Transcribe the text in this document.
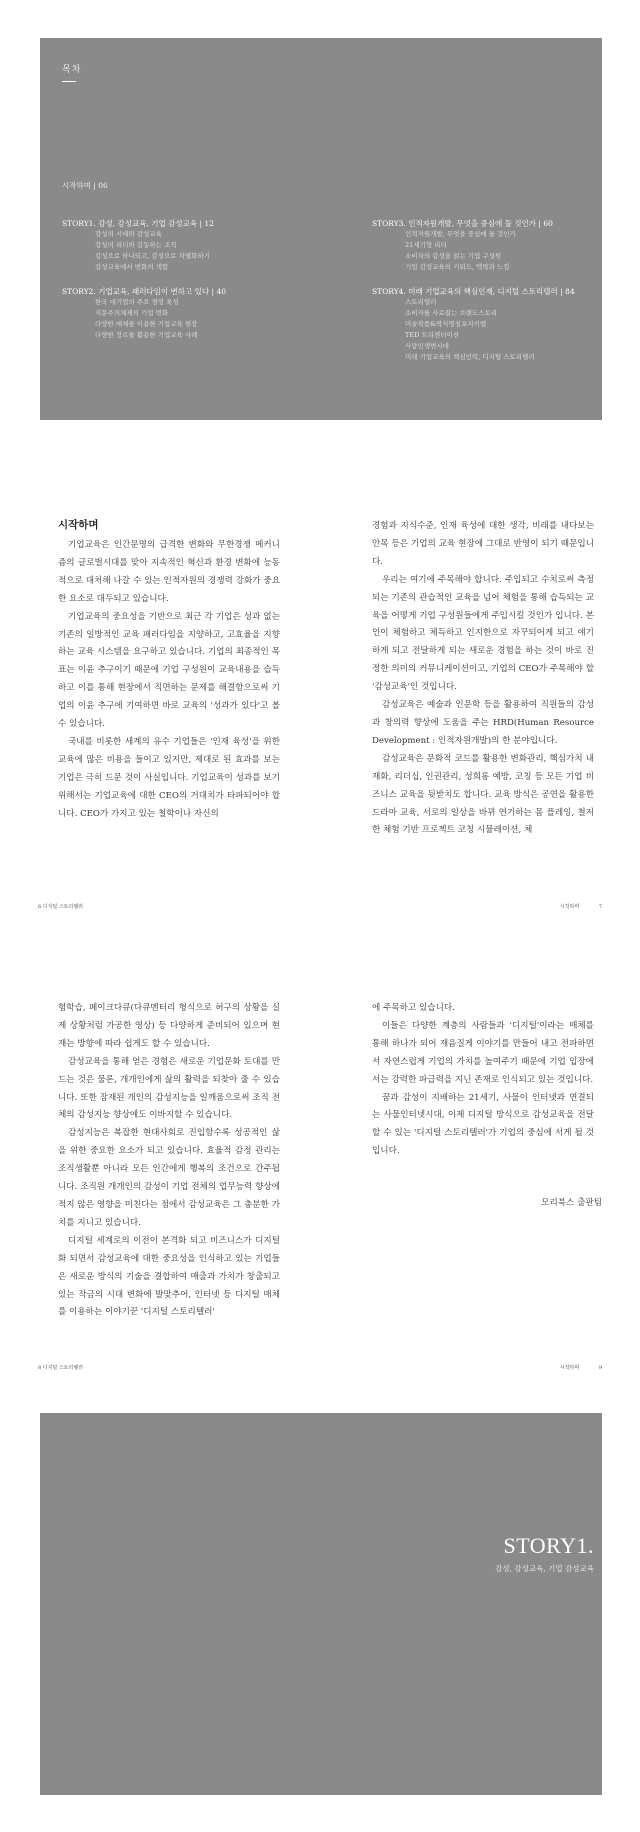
목차
시작하며 | 06
STORY1. 감성, 감성교육, 기업 감성교육 | 12
감성의 시대와 감성교육
감성의 리더와 감동하는 조직
감성으로 하나되고, 감성으로 차별화하기
감성교육에서 변화의 색깔
STORY2. 기업교육, 패러다임이 변하고 있다 | 40
한국 대기업의 주요 경영 육성
지문주의체제의 기업 변화
다양한 매체를 이용한 기업교육 현장
다양한 장르를 활용한 기업교육 사례
STORY3. 인적자원개발, 무엇을 중심에 둘 것인가 | 60
인적자원개발, 무엇을 중심에 둘 것인가
21세기형 리더
소비자의 감성을 읽는 기업 구성원
기업 감성교육의 키워드, 맥락과 느낌
STORY4. 미래 기업교육의 핵심인재, 디지털 스토리텔러 | 84
스토리텔러
소비자를 사로잡는 브랜드스토리
미술작품&박식명칭포지키텔
TED 트리젠터이션
사람인생변시대
미래 기업교육의 핵심인력, 디지털 스토리텔러
시작하며

기업교육은 인간문명의 급격한 변화와 무한경쟁 메커니즘의 글로벌시대를 맞아 지속적인 혁신과 환경 변화에 능동적으로 대처해 나갈 수 있는 인적자원의 경쟁력 강화가 중요한 요소로 대두되고 있습니다.

기업교육의 중요성을 기반으로 최근 각 기업은 성과 없는 기존의 일방적인 교육 패러다임을 지양하고, 고효율을 지향하는 교육 시스템을 요구하고 있습니다. 기업의 최종적인 목표는 이윤 추구이기 때문에 기업 구성원이 교육내용을 습득하고 이를 통해 현장에서 직면하는 문제를 해결함으로써 기업의 이윤 추구에 기여하면 바로 교육의 '성과가 있다'고 볼 수 있습니다.

국내를 비롯한 세계의 유수 기업들은 '인재 육성'을 위한 교육에 많은 비용을 들이고 있지만, 제대로 된 효과를 보는 기업은 극히 드문 것이 사실입니다. 기업교육이 성과를 보기 위해서는 기업교육에 대한 CEO의 거대치가 타파되어야 합니다. CEO가 가지고 있는 철학이나 자신의

경험과 지식수준, 인재 육성에 대한 생각, 비래를 내다보는 안목 등은 기업의 교육 현장에 그대로 반영이 되기 때문입니다.

우리는 여기에 주목해야 합니다. 주입되고 수치로써 측정되는 기존의 관습적인 교육을 넘어 체험을 통해 습득되는 교육을 어떻게 기업 구성원들에게 주입시킬 것인가 입니다. 본인이 체험하고 체득하고 인지한으로 자꾸되어게 되고 얘기하게 되고 전달하게 되는 새로운 경험을 하는 것이 바로 진정한 의미의 커뮤니케이션이고, 기업의 CEO가 주목해야 할 '감성교육'인 것입니다.

감성교육은 예술과 인문학 등을 활용하여 직원들의 감성과 창의력 향상에 도움을 주는 HRD(Human Resource Development : 인적자원개발)의 한 분야입니다.

감성교육은 문화적 코드를 활용한 변화관리, 핵심가치 내재화, 리더십, 인권관리, 성희롱 예방, 코칭 등 모든 기업 비즈니스 교육을 뒷받치도 합니다. 교육 방식은 공연을 활용한 드라마 교육, 서로의 일상을 바뀌 연기하는 몸 플레잉, 철저한 체험 기반 프로젝트 코칭 시뮬레이션, 체

6 디지털 스토리텔러	시작하며	7

험학습, 페이크다큐(다큐멘터리 형식으로 허구의 상황을 실제 상황처럼 가공한 영상) 등 다양하게 준비되어 있으며 현재는 방향에 따라 쉽게도 할 수 있습니다.

감성교육을 통해 얻은 경험은 새로운 기업문화 토대를 만드는 것은 물론, 개개인에게 삶의 활력을 되찾아 줄 수 있습니다. 또한 잠재된 개인의 감성지능을 일깨움으로써 조직 전체의 감성지능 향상에도 이바지할 수 있습니다.

감성지능은 복잡한 현대사회로 진입함수록 성공적인 삶을 위한 중요한 요소가 되고 있습니다. 효율적 감정 관리는 조직생활뿐 아니라 모든 인간에게 행복의 조건으로 간주됩니다. 조직원 개개인의 감성이 기업 전체의 업무능력 향상에 적지 않은 영향을 미친다는 점에서 감성교육은 그 충분한 가치를 지니고 있습니다.

디지털 세계로의 이전이 본격화 되고 비즈니스가 디지털화 되면서 감성교육에 대한 중요성을 인식하고 있는 기업들은 새로운 방식의 기술을 결합하여 매출과 가치가 창출되고 있는 작금의 시대 변화에 발맞추어, 인터넷 등 디지털 매체를 이용하는 이야기꾼 '디지털 스토리텔러'

에 주목하고 있습니다.

이들은 다양한 계층의 사람들과 '디지털'이라는 매체를 통해 하나가 되어 재음질게 이야기를 만들어 내고 전파하면서 자연스럽게 기업의 가치를 높여주기 때문에 기업 입장에서는 강력한 파급력을 지닌 존재로 인식되고 있는 것입니다.

꿈과 감성이 지배하는 21세기, 사물이 인터넷과 연결되는 사물인터넷시대, 이제 디지털 방식으로 감성교육을 전달할 수 있는 '디지털 스토리텔러'가 기업의 중심에 서게 될 것입니다.

모리북스 출판팀
8 디지털 스토리텔러	시작하며	9
STORY1.
감성, 감성교육, 기업 감성교육
